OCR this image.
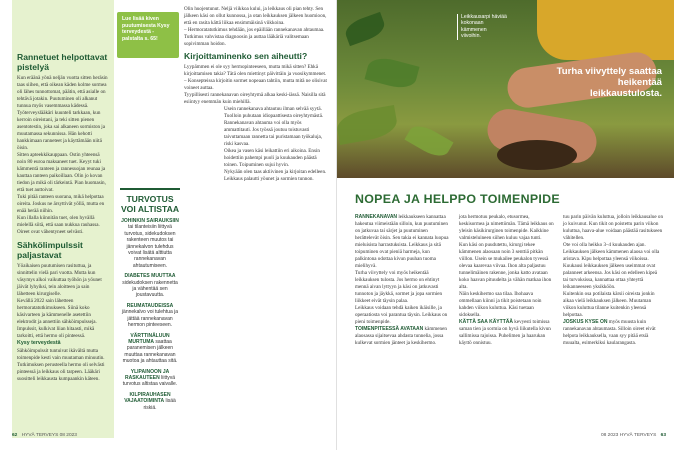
Rannetuet helpottavat pistelyä

Kun eräänä yönä neljän vuotta sitten heräsin taas siihen, että oikean käden kolme sormea oli lähes tunnottomat, päätin, että asialle on tehtävä jotakin. Puutuminen oli alkanut tunnua myös vasemmassa kädessä.

Työterveyslääkäri kuunteli tarkkaan, kun kerroin oireistani, ja teki sitten pienen asentotestin, joka sai alkaneen sormiston ja muutamassa sekunnissa. Hän kehotti hankkimaan ranneteet ja käyttämään niitä öisin.

Sitten apteekkikauppaan. Ostin yhteensä noin 80 euroa maksaneet tuet. Keyyt tuki kämmentä ranteen ja rannesuojan reunaa ja kauttaa ranteen paikoillaan. Olin jo kovan tiedon ja mikä oli tärkeintä. Pian huomasin, että tuet auttoivat.

Tuki pitää ranteen suorana, mikä helpottaa oireita. Joskus ne ärsyttivät yöllä, mutta en enää herää niihin.

Kun illalla kiinnitän tuet, olen hyvällä mielellä siitä, että saan nukkua rauhassa. Oireet ovat vähentyneet selvästi.

Sähkölimpulssit paljastavat

Yöaikaisen puutumisen rasituttua, ja sinnittelin vielä pari vuotta. Mutta kun väsymys alkoi vaikuttaa työhön ja yöunet jäivät lyhyiksi, tein aloitteen ja sain lähetteen kirurgiselle.

Kevällä 2022 sain lähetteen hermoratatutkimukseen. Siinä koko käsivarteen ja kämmenelle asetettiin elektrodit ja annettiin sähköimpulsseja. Impulssit, kulkivat liian hitaasti, mikä tarkoitti, että hermo oli pinteessä.

Kysy terveydestä

Sähköimpulssit tuntuivat ikävältä mutta toimenpide kesti vain muutaman minuutin. Tutkimuksen perusteella hermo oli selvästi pinteessä ja leikkaus oli tarpeen. Lääkäri suositteli leikkausta kumpaankin käteen.

Lue lisää kiven puutumisesta Kysy terveydestä -palstalta s. 65!

Olin huojentunut. Neljä viikkoa kului, ja leikkaus oli pian tehty. Sen jälkeen käsi on ollut kunnossa, ja otan leikkauksen jälkeen huomioon, että en rasita kättä liikaa ensimmäisinä viikkoina.

– Hermoratatutkimus tehdään, jos epäillään rannekanavan ahtaumaa. Tutkimus vahvistaa diagnoosin ja auttaa lääkäriä valitsemaan sopivimman hoidon.

Kirjoittaminenko sen aiheutti?

Lyypämmen ei ole syy hermopinteeseen, mutta mikä sitten? Ehkä kirjoittamisen takia? Tätä olen miettinyt päivittäin ja vuosikymmenet.

– Konsepteissa kirjoitin sormet nopeaan tahtiin, mutta mitä ne olisivat voineet auttaa.

Tyypillisesti rannekanavan oireyhtymä alkaa keski-iässä. Naisilla sitä esiintyy enemmän kuin miehillä.

Usein rannekanava ahtautuu ilman selvää syytä. Tuolloin puhutaan idiopaattisesta oireyhtymästä.

Rannekanavan ahtauma voi olla myös ammattitauti. Jos työssä joutuu toistuvasti taivuttamaan rannetta tai puristamaan työkaluja, riski kasvaa.

Oikea ja vasen käsi leikattiin eri aikoina. Ensin hoidettiin pahempi puoli ja kuukauden päästä toinen. Toipuminen sujui hyvin.

Nykyään olen taas aktiivinen ja kirjoitan edelleen. Leikkaus palautti yöunet ja sormien tunnon.

TURVOTUS VOI ALTISTAA

JOHINKIN SAIRAUKSIIN tai tilanteisiin liittyvä turvotus, sidekudoksen rakenteen muutos tai jännekalvon tulehdus voivat lisätä alttiutta rannekanavan ahtautumiseen.

DIABETES MUUTTAA sidekudoksen rakennetta ja vähentää sen joustavuutta.

REUMATAUDEISSA jännekalvo voi tulehtua ja jättää rannekanavan hermon pinteeseen.

VÄRTTINÄLUUN MURTUMA saattaa paranemisen jälkeen muuttaa rannekanavan muotoa ja ahtauttaa sitä.

YLIPAINOON JA RASKAUTEEN liittyvä turvotus altistaa vaivalle.

KILPIRAUHASEN VAJAATOIMINTA lisää riskiä.

62 HYVÄ TERVEYS 08 2023
Leikkausarpi häviää kokonaan kämmenen viivoihin.
Turha viivyttely saattaa heikentää leikkaustulosta.
NOPEA JA HELPPO TOIMENPIDE

RANNEKANAVAN leikkaukseen kannattaa hakeutua viimeistään silloin, kun puutuminen on jatkuvaa tai särjet ja puutuminen herättelevät öisin. Sen takia ei kannata luopua mieluisista harrastuksista. Leikkaus ja sitä toipuminen ovat pieniä harmeja, kun palkintona odottaa kivun puuhan tuoma mielihyvä.

Turha viivyttely voi myös heikentää leikkauksen tulosta. Jos hermo on ehtinyt mennä aivan lyttyyn ja käsi on jatkuvasti tunnoton ja jäykkä, sormet ja jopa sormien liikkeet eivät täysin palaa.

Leikkaus voidaan tehdä kaiken ikäisille, ja operaatiosta voi parantua täysin. Leikkaus on pieni toimenpide.

TOIMENPITEESSÄ AVATAAN kämmenen alaosassa sijaitsevaa ahdasta tunnelia, jossa kulkevat sormien jänteet ja keskihermo.

jota hermotuu peukalo, etusormea, keskisormea ja nimettömän. Tämä leikkaus on yleisin käsikirurginen toimenpide. Kaikkine valmisteluineen siihen kuluu vajaa tunti.

Kun käsi on puudutettu, kirurgi tekee kämmenen alaosaan noin 3 senttiä pitkän viillon. Usein se mukailee peukalon tyvessä olevaa kaarevaa viivaa. Ihon alta paljastuu tunnelimäinen rakenne, jonka katto avataan koko haavan pituudelta ja vähän matkaa ihon alta.

Näin keskihermo saa tilaa. Ihohaava ommellaan kiinni ja tikit poistetaan noin kahden viikon kuluttua. Käsi tuetaan sidoksella.

KÄTTÄ SAA KÄYTTÄÄ kevyesti toimissa saman tien ja sormia on hyvä liikutella kivun sallimissa rajoissa. Puhelimen ja haarukan käyttö onnistuu.

tuu parin päivän kuluttua, jolloin leikkausalue on jo kuivunut. Kun tikit on poistettu parin viikon kuluttua, haava-alue voidaan päästää rasitukseen vähitellen.

Ote voi olla heikko 3–4 kuukauden ajan. Leikkauksen jälkeen kämmenen alaosa voi olla aristava. Kipu helpottaa yleensä viikoissa.

Kuukausi leikkauksen jälkeen useimmat ovat palanneet arkeensa. Jos käsi on edelleen kipeä tai turvoksissa, kannattaa ottaa yhteyttä leikanneeseen yksikköön.

Kuitenkin osa potilaista kärsii oireista jonkin aikaa vielä leikkauksen jälkeen. Muutaman viikon kuluttua tilanne kuitenkin yleensä helpottaa.

JOSKUS KYSE ON myös muusta kuin rannekanavan ahtaumasta. Silloin oireet eivät helpota leikkauksella, vaan syy pitää etsiä muualta, esimerkiksi kaularangasta.

08 2023 HYVÄ TERVEYS 63
